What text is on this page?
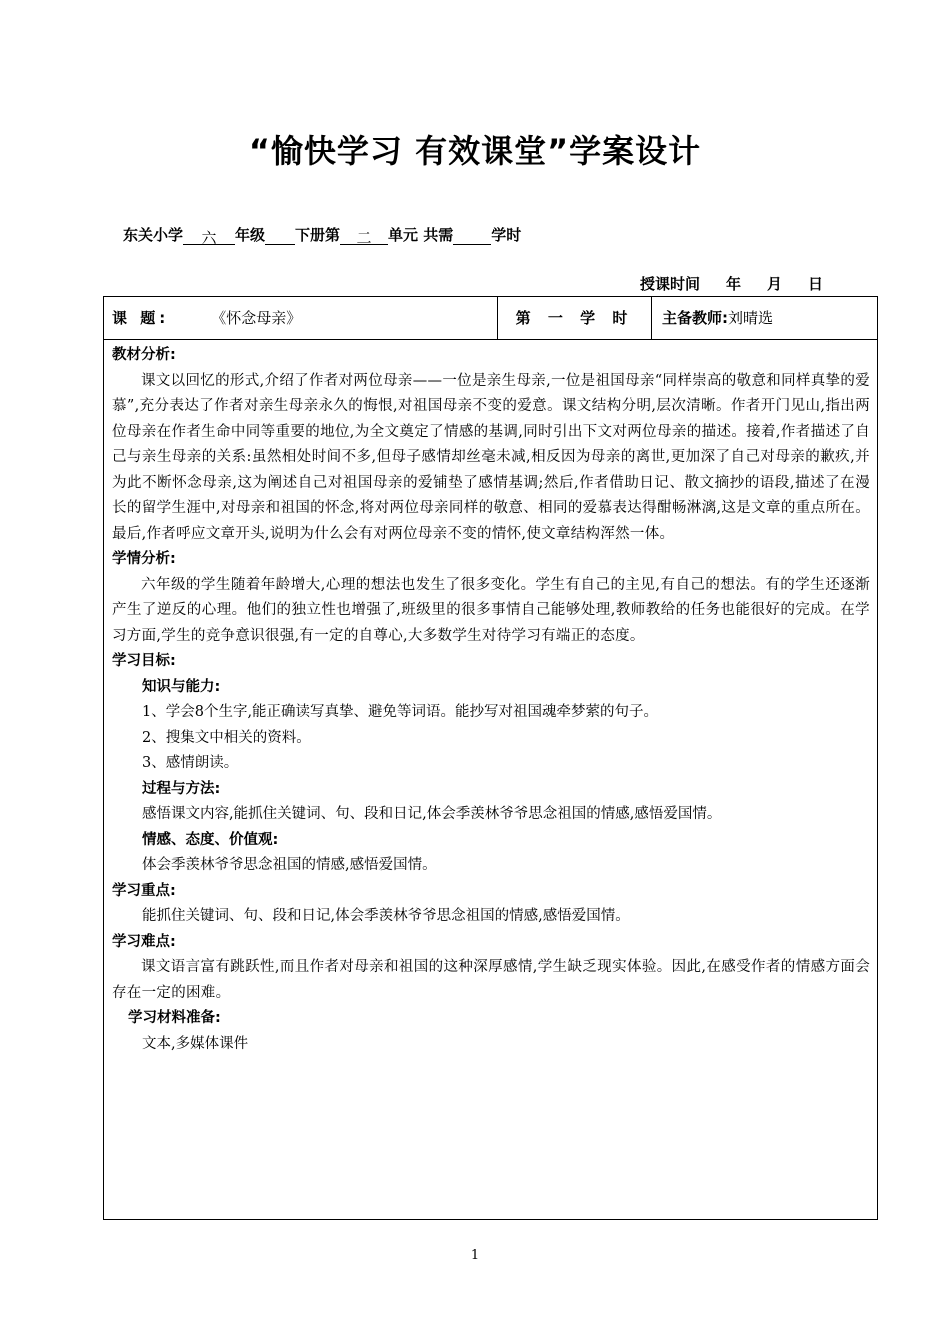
“愉快学习 有效课堂”学案设计
东关小学 六 年级 下册第 二 单元 共需	学时
授课时间 年 月 日
课 题:	《怀念母亲》	第 一 学 时	主备教师:刘晴选
教材分析:
课文以回忆的形式,介绍了作者对两位母亲——一位是亲生母亲,一位是祖国母亲“同样崇高的敬意和同样真挚的爱慕”,充分表达了作者对亲生母亲永久的悔恨,对祖国母亲不变的爱意。课文结构分明,层次清晰。作者开门见山,指出两位母亲在作者生命中同等重要的地位,为全文奠定了情感的基调,同时引出下文对两位母亲的描述。接着,作者描述了自己与亲生母亲的关系:虽然相处时间不多,但母子感情却丝毫未减,相反因为母亲的离世,更加深了自己对母亲的歉疚,并为此不断怀念母亲,这为阐述自己对祖国母亲的爱铺垫了感情基调;然后,作者借助日记、散文摘抄的语段,描述了在漫长的留学生涯中,对母亲和祖国的怀念,将对两位母亲同样的敬意、相同的爱慕表达得酣畅淋漓,这是文章的重点所在。最后,作者呼应文章开头,说明为什么会有对两位母亲不变的情怀,使文章结构浑然一体。
学情分析:
六年级的学生随着年龄增大,心理的想法也发生了很多变化。学生有自己的主见,有自己的想法。有的学生还逐渐产生了逆反的心理。他们的独立性也增强了,班级里的很多事情自己能够处理,教师教给的任务也能很好的完成。在学习方面,学生的竞争意识很强,有一定的自尊心,大多数学生对待学习有端正的态度。
学习目标:
知识与能力:
1、学会8个生字,能正确读写真挚、避免等词语。能抄写对祖国魂牵梦萦的句子。
2、搜集文中相关的资料。
3、感情朗读。
过程与方法:
感悟课文内容,能抓住关键词、句、段和日记,体会季羡林爷爷思念祖国的情感,感悟爱国情。
情感、态度、价值观:
体会季羡林爷爷思念祖国的情感,感悟爱国情。
学习重点:
能抓住关键词、句、段和日记,体会季羡林爷爷思念祖国的情感,感悟爱国情。
学习难点:
课文语言富有跳跃性,而且作者对母亲和祖国的这种深厚感情,学生缺乏现实体验。因此,在感受作者的情感方面会存在一定的困难。
学习材料准备:
文本,多媒体课件
1
